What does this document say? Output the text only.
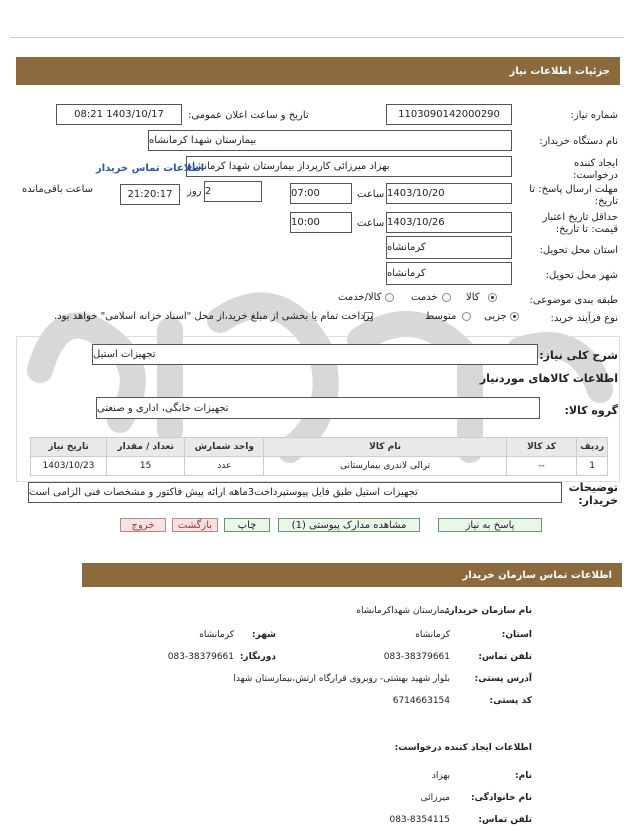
جزئیات اطلاعات نیاز
شماره نیاز:
1103090142000290
تاریخ و ساعت اعلان عمومی:
1403/10/17 08:21
نام دستگاه خریدار:
بیمارستان شهدا کرمانشاه
ایجاد کننده درخواست:
بهزاد میرزائی کارپرداز بیمارستان شهدا کرمانشاه
اطلاعات تماس خریدار
مهلت ارسال پاسخ: تا تاریخ:
1403/10/20
ساعت
07:00
2
روز
21:20:17
ساعت باقی‌مانده
حداقل تاریخ اعتبار قیمت: تا تاریخ:
1403/10/26
ساعت
10:00
استان محل تحویل:
کرمانشاه
شهر محل تحویل:
کرمانشاه
طبقه بندی موضوعی:
کالا
خدمت
کالا/خدمت
نوع فرآیند خرید:
جزیی
متوسط
پرداخت تمام یا بخشی از مبلغ خرید،از محل "اسناد خزانه اسلامی" خواهد بود.
شرح کلی نیاز:
تجهیزات استیل
اطلاعات کالاهای موردنیاز
گروه کالا:
تجهیزات خانگی، اداری و صنعتی
ردیف	کد کالا	نام کالا	واحد شمارش	تعداد / مقدار	تاریخ نیاز
1	--	ترالی لاندری بیمارستانی	عدد	15	1403/10/23
توضیحات خریدار:
تجهیزات استیل طبق فایل پیوستپرداخت3ماهه ارائه پیش فاکتور و مشخصات فنی الزامی است
پاسخ به نیاز
مشاهده مدارک پیوستی (1)
چاپ
بازگشت
خروج
اطلاعات تماس سازمان خریدار
نام سازمان خریدار:
بیمارستان شهداکرمانشاه
استان:
کرمانشاه
شهر:
کرمانشاه
تلفن تماس:
083-38379661
دورنگار:
083-38379661
آدرس پستی:
بلوار شهید بهشتی- روبروی قرارگاه ارتش،بیمارستان شهدا
کد پستی:
6714663154
اطلاعات ایجاد کننده درخواست:
نام:
بهزاد
نام خانوادگی:
میرزائی
تلفن تماس:
083-8354115
